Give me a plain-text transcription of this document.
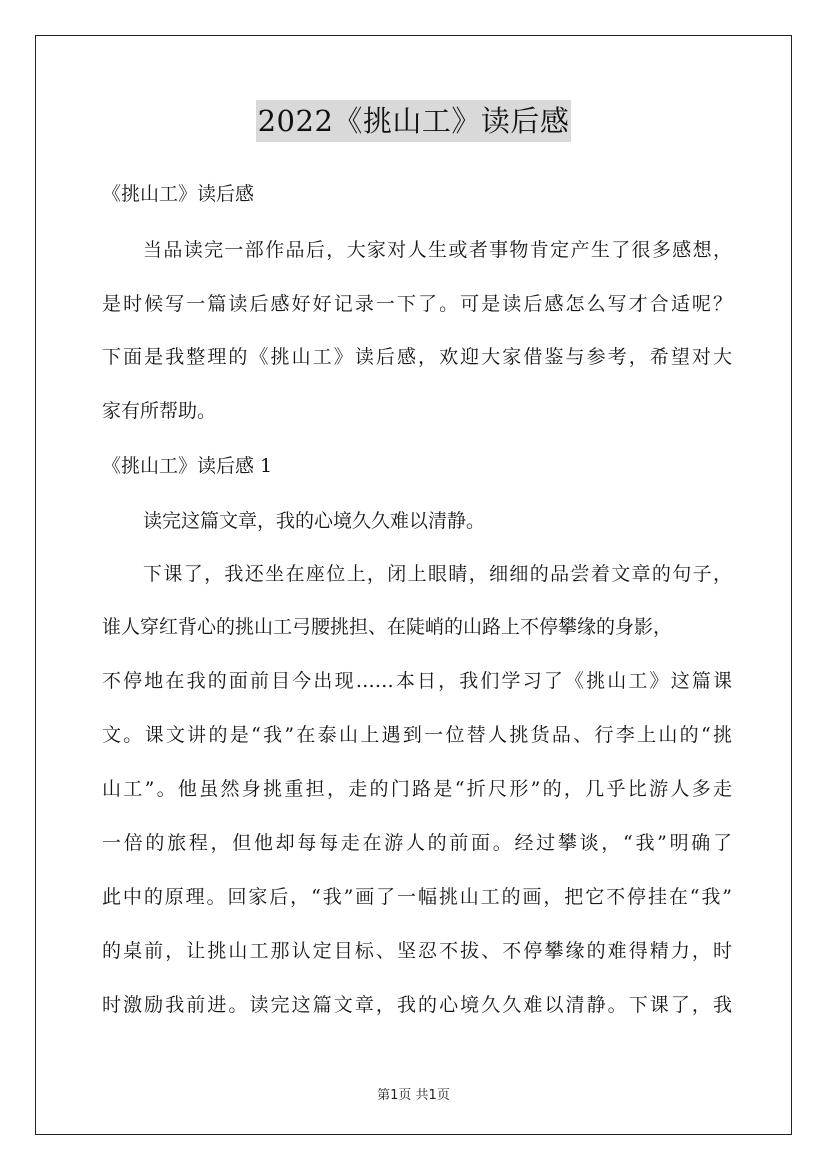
2022《挑山工》读后感
《挑山工》读后感
当品读完一部作品后，大家对人生或者事物肯定产生了很多感想，
是时候写一篇读后感好好记录一下了。可是读后感怎么写才合适呢？
下面是我整理的《挑山工》读后感，欢迎大家借鉴与参考，希望对大
家有所帮助。
《挑山工》读后感 1
读完这篇文章，我的心境久久难以清静。
下课了，我还坐在座位上，闭上眼睛，细细的品尝着文章的句子，
谁人穿红背心的挑山工弓腰挑担、在陡峭的山路上不停攀缘的身影，
不停地在我的面前目今出现……本日，我们学习了《挑山工》这篇课
文。课文讲的是“我”在泰山上遇到一位替人挑货品、行李上山的“挑
山工”。他虽然身挑重担，走的门路是“折尺形”的，几乎比游人多走
一倍的旅程，但他却每每走在游人的前面。经过攀谈，“我”明确了
此中的原理。回家后，“我”画了一幅挑山工的画，把它不停挂在“我”
的桌前，让挑山工那认定目标、坚忍不拔、不停攀缘的难得精力，时
时激励我前进。读完这篇文章，我的心境久久难以清静。下课了，我
第1页 共1页
